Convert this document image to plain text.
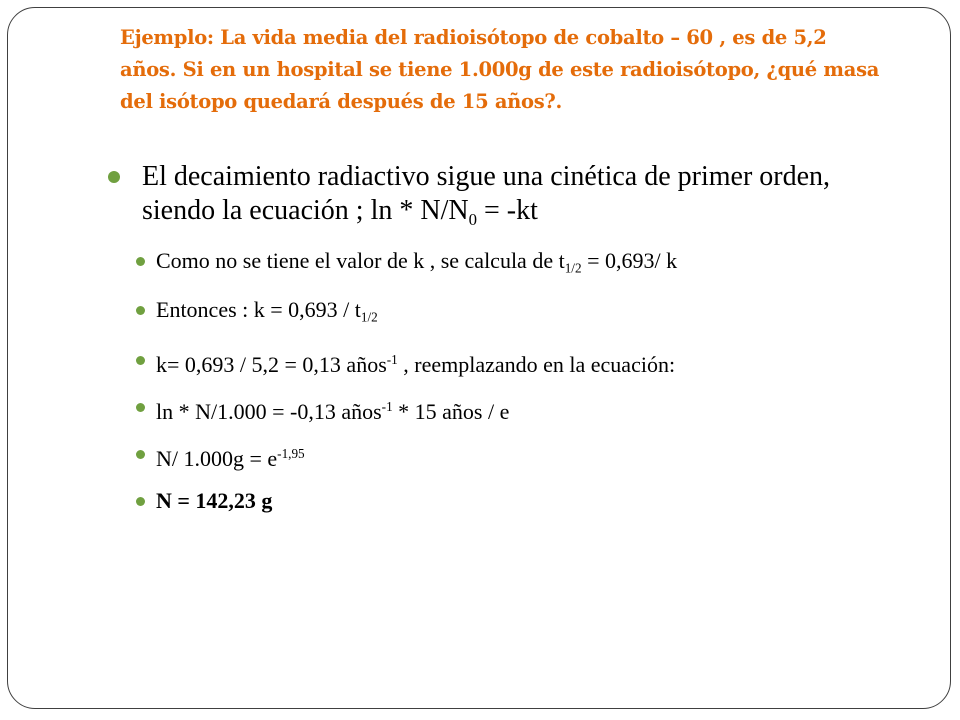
Ejemplo: La vida media del radioisótopo de cobalto – 60 , es de 5,2 años. Si en un hospital se tiene 1.000g de este radioisótopo, ¿qué masa del isótopo quedará después de 15 años?.
El decaimiento radiactivo sigue una cinética de primer orden,
siendo la ecuación ; $\ln * N/N_0 = -kt$
Como no se tiene el valor de k , se calcula de $t_{1/2} = 0,693/$ k
Entonces : $k = 0,693 / t_{1/2}$
k= 0,693 / 5,2 = 0,13 años$^{-1}$ , reemplazando en la ecuación:
ln * N/1.000 = -0,13 años$^{-1}$ * 15 años / e
N/ $1.000g = e^{-1,95}$
N = 142,23 g
